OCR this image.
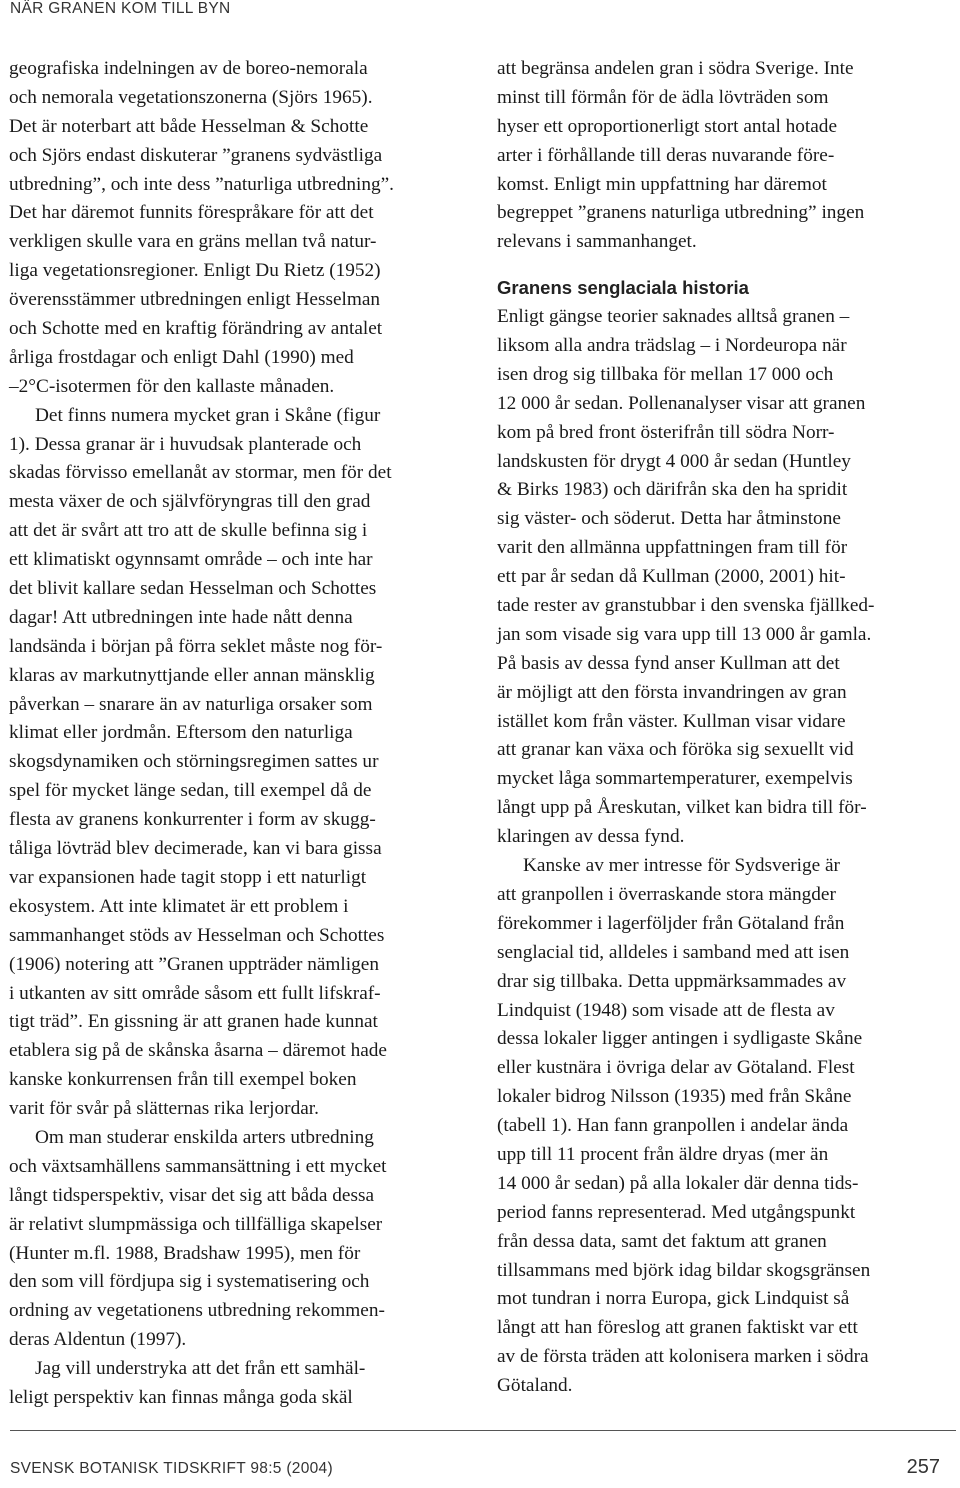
NÄR GRANEN KOM TILL BYN
geografiska indelningen av de boreo-nemorala
och nemorala vegetationszonerna (Sjörs 1965).
Det är noterbart att både Hesselman & Schotte
och Sjörs endast diskuterar ”granens sydvästliga
utbredning”, och inte dess ”naturliga utbredning”.
Det har däremot funnits förespråkare för att det
verkligen skulle vara en gräns mellan två natur-
liga vegetationsregioner. Enligt Du Rietz (1952)
överensstämmer utbredningen enligt Hesselman
och Schotte med en kraftig förändring av antalet
årliga frostdagar och enligt Dahl (1990) med
–2°C-isotermen för den kallaste månaden.
Det finns numera mycket gran i Skåne (figur
1). Dessa granar är i huvudsak planterade och
skadas förvisso emellanåt av stormar, men för det
mesta växer de och självföryngras till den grad
att det är svårt att tro att de skulle befinna sig i
ett klimatiskt ogynnsamt område – och inte har
det blivit kallare sedan Hesselman och Schottes
dagar! Att utbredningen inte hade nått denna
landsända i början på förra seklet måste nog för-
klaras av markutnyttjande eller annan mänsklig
påverkan – snarare än av naturliga orsaker som
klimat eller jordmån. Eftersom den naturliga
skogsdynamiken och störningsregimen sattes ur
spel för mycket länge sedan, till exempel då de
flesta av granens konkurrenter i form av skugg-
tåliga lövträd blev decimerade, kan vi bara gissa
var expansionen hade tagit stopp i ett naturligt
ekosystem. Att inte klimatet är ett problem i
sammanhanget stöds av Hesselman och Schottes
(1906) notering att ”Granen uppträder nämligen
i utkanten av sitt område såsom ett fullt lifskraf-
tigt träd”. En gissning är att granen hade kunnat
etablera sig på de skånska åsarna – däremot hade
kanske konkurrensen från till exempel boken
varit för svår på slätternas rika lerjordar.
Om man studerar enskilda arters utbredning
och växtsamhällens sammansättning i ett mycket
långt tidsperspektiv, visar det sig att båda dessa
är relativt slumpmässiga och tillfälliga skapelser
(Hunter m.fl. 1988, Bradshaw 1995), men för
den som vill fördjupa sig i systematisering och
ordning av vegetationens utbredning rekommen-
deras Aldentun (1997).
Jag vill understryka att det från ett samhäl-
leligt perspektiv kan finnas många goda skäl
att begränsa andelen gran i södra Sverige. Inte
minst till förmån för de ädla lövträden som
hyser ett oproportionerligt stort antal hotade
arter i förhållande till deras nuvarande före-
komst. Enligt min uppfattning har däremot
begreppet ”granens naturliga utbredning” ingen
relevans i sammanhanget.
Granens senglaciala historia
Enligt gängse teorier saknades alltså granen –
liksom alla andra trädslag – i Nordeuropa när
isen drog sig tillbaka för mellan 17 000 och
12 000 år sedan. Pollenanalyser visar att granen
kom på bred front österifrån till södra Norr-
landskusten för drygt 4 000 år sedan (Huntley
& Birks 1983) och därifrån ska den ha spridit
sig väster- och söderut. Detta har åtminstone
varit den allmänna uppfattningen fram till för
ett par år sedan då Kullman (2000, 2001) hit-
tade rester av granstubbar i den svenska fjällked-
jan som visade sig vara upp till 13 000 år gamla.
På basis av dessa fynd anser Kullman att det
är möjligt att den första invandringen av gran
istället kom från väster. Kullman visar vidare
att granar kan växa och föröka sig sexuellt vid
mycket låga sommartemperaturer, exempelvis
långt upp på Åreskutan, vilket kan bidra till för-
klaringen av dessa fynd.
Kanske av mer intresse för Sydsverige är
att granpollen i överraskande stora mängder
förekommer i lagerföljder från Götaland från
senglacial tid, alldeles i samband med att isen
drar sig tillbaka. Detta uppmärksammades av
Lindquist (1948) som visade att de flesta av
dessa lokaler ligger antingen i sydligaste Skåne
eller kustnära i övriga delar av Götaland. Flest
lokaler bidrog Nilsson (1935) med från Skåne
(tabell 1). Han fann granpollen i andelar ända
upp till 11 procent från äldre dryas (mer än
14 000 år sedan) på alla lokaler där denna tids-
period fanns representerad. Med utgångspunkt
från dessa data, samt det faktum att granen
tillsammans med björk idag bildar skogsgränsen
mot tundran i norra Europa, gick Lindquist så
långt att han föreslog att granen faktiskt var ett
av de första träden att kolonisera marken i södra
Götaland.
SVENSK BOTANISK TIDSKRIFT 98:5 (2004)	257
